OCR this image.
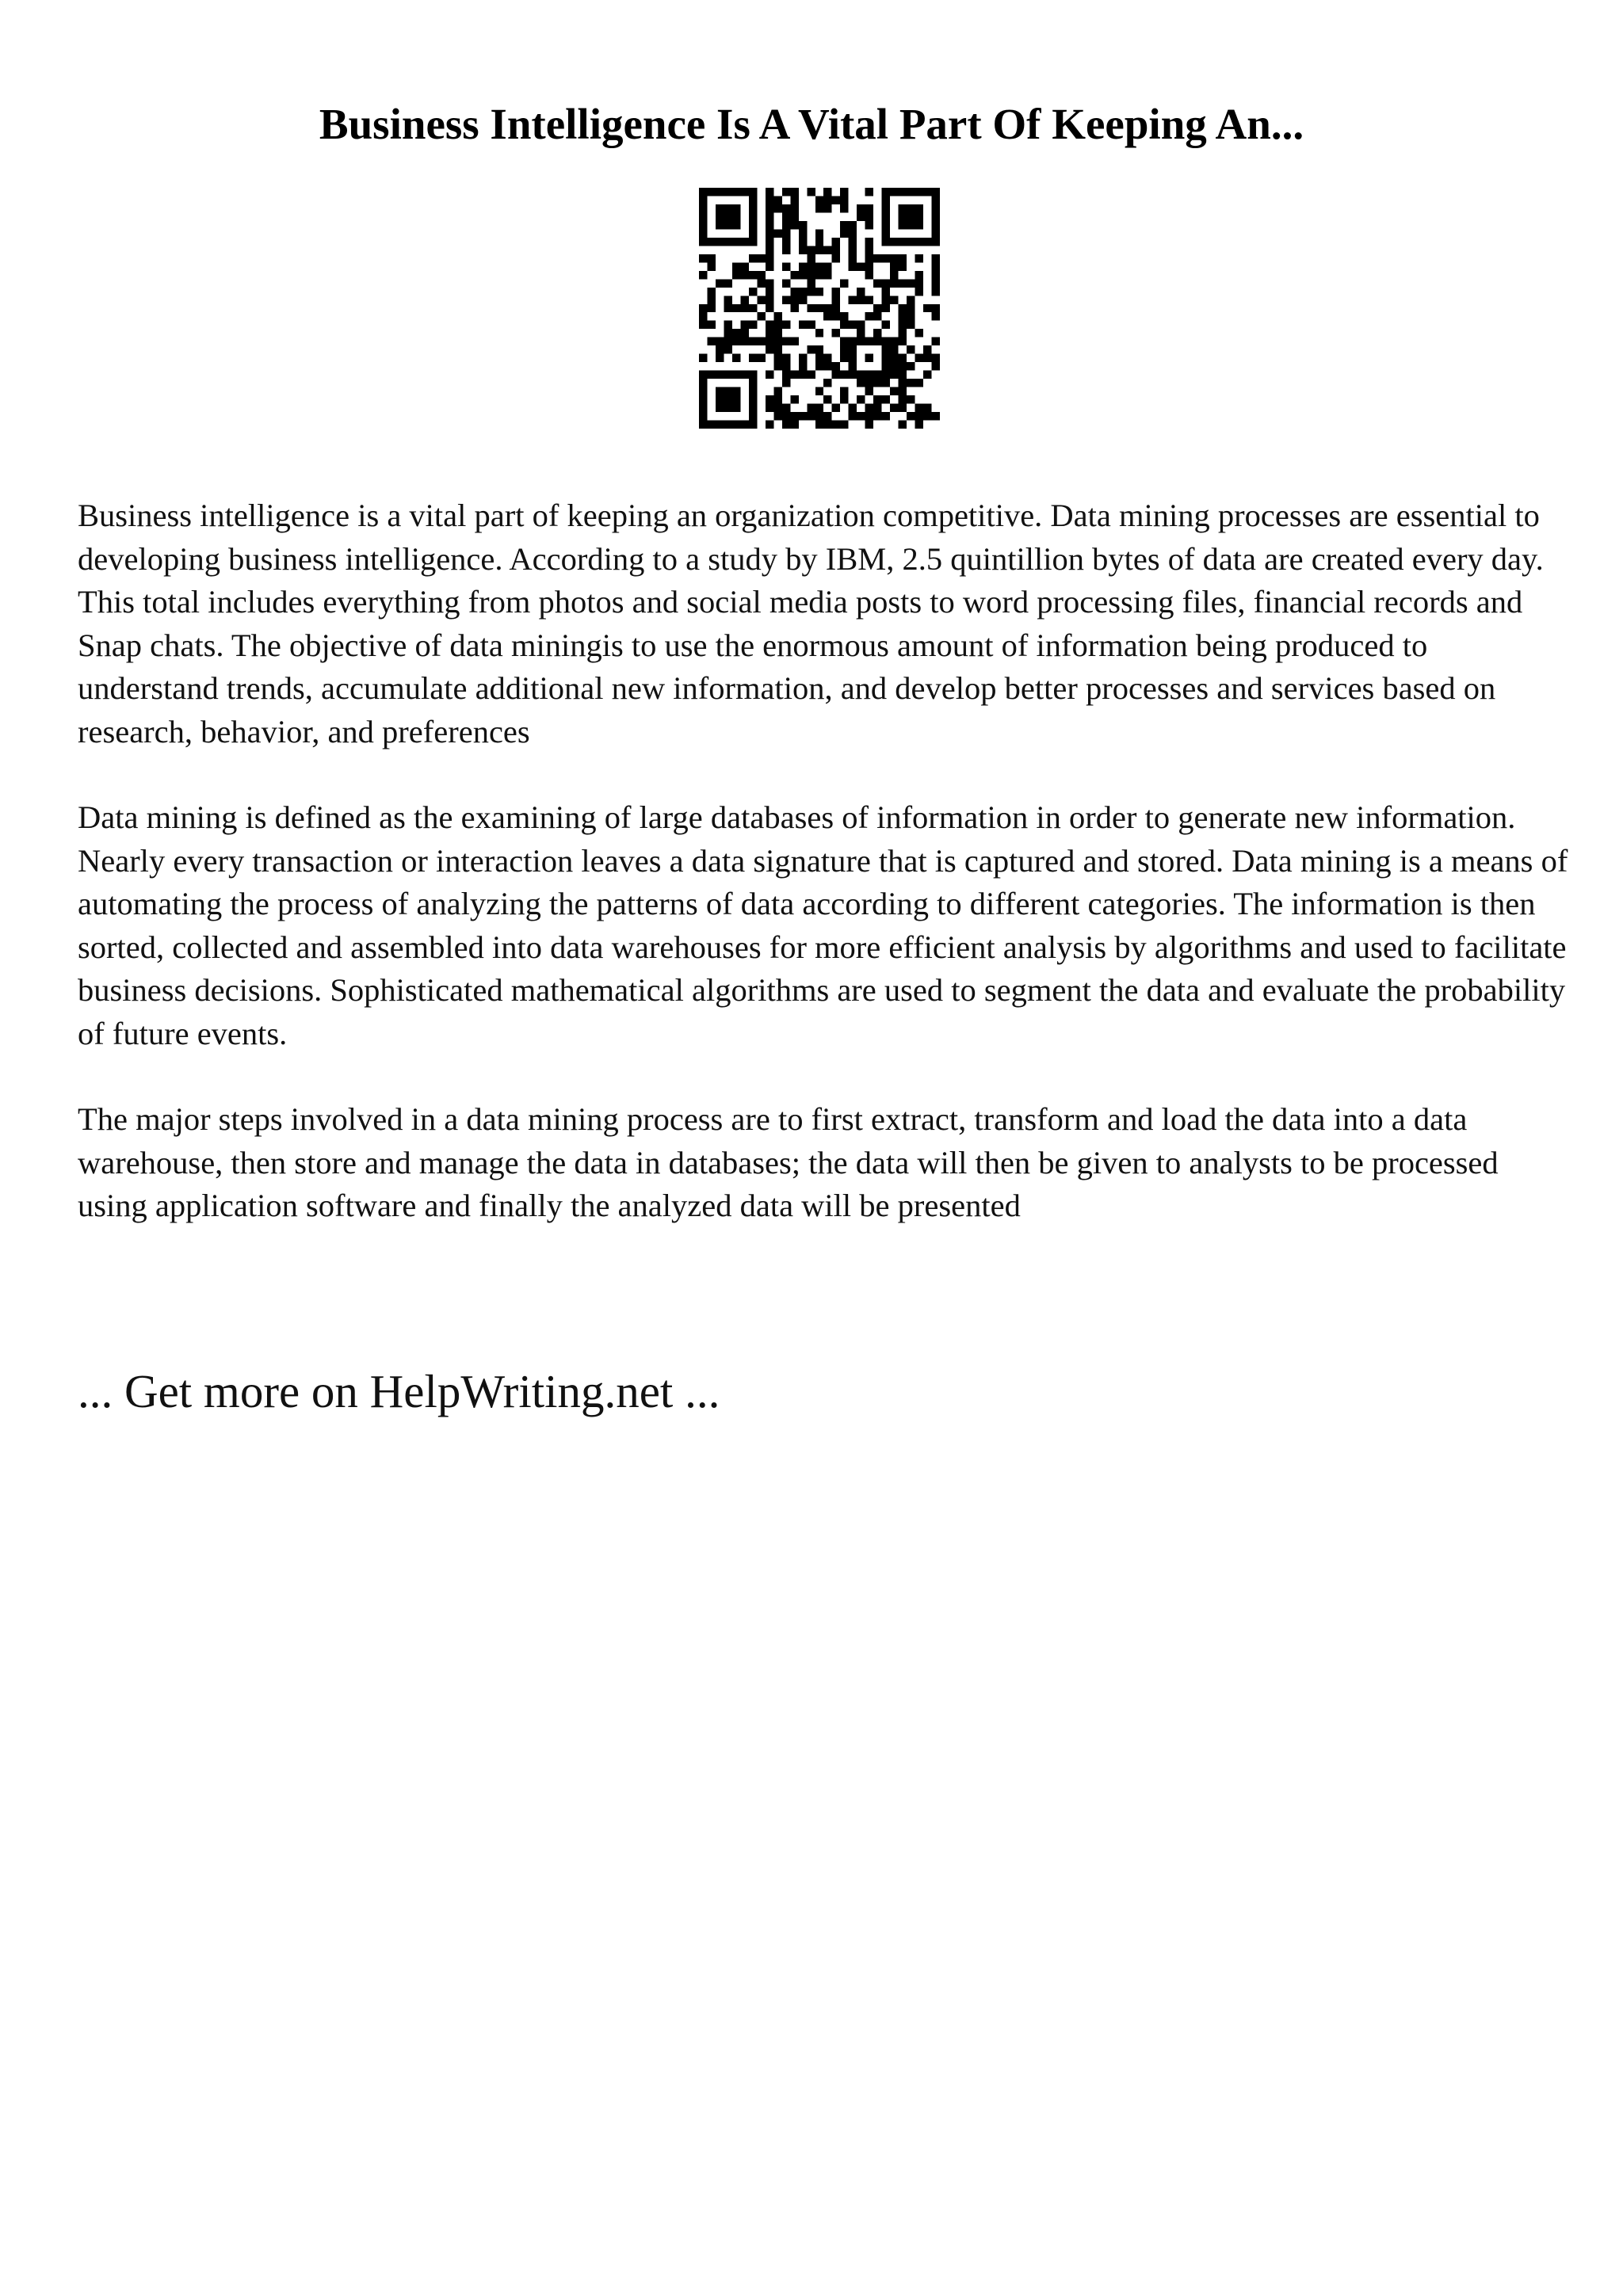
Business Intelligence Is A Vital Part Of Keeping An...

Business intelligence is a vital part of keeping an organization competitive. Data mining processes are essential to developing business intelligence. According to a study by IBM, 2.5 quintillion bytes of data are created every day. This total includes everything from photos and social media posts to word processing files, financial records and Snap chats. The objective of data miningis to use the enormous amount of information being produced to understand trends, accumulate additional new information, and develop better processes and services based on research, behavior, and preferences

Data mining is defined as the examining of large databases of information in order to generate new information. Nearly every transaction or interaction leaves a data signature that is captured and stored. Data mining is a means of automating the process of analyzing the patterns of data according to different categories. The information is then sorted, collected and assembled into data warehouses for more efficient analysis by algorithms and used to facilitate business decisions. Sophisticated mathematical algorithms are used to segment the data and evaluate the probability of future events.

The major steps involved in a data mining process are to first extract, transform and load the data into a data warehouse, then store and manage the data in databases; the data will then be given to analysts to be processed using application software and finally the analyzed data will be presented

... Get more on HelpWriting.net ...
